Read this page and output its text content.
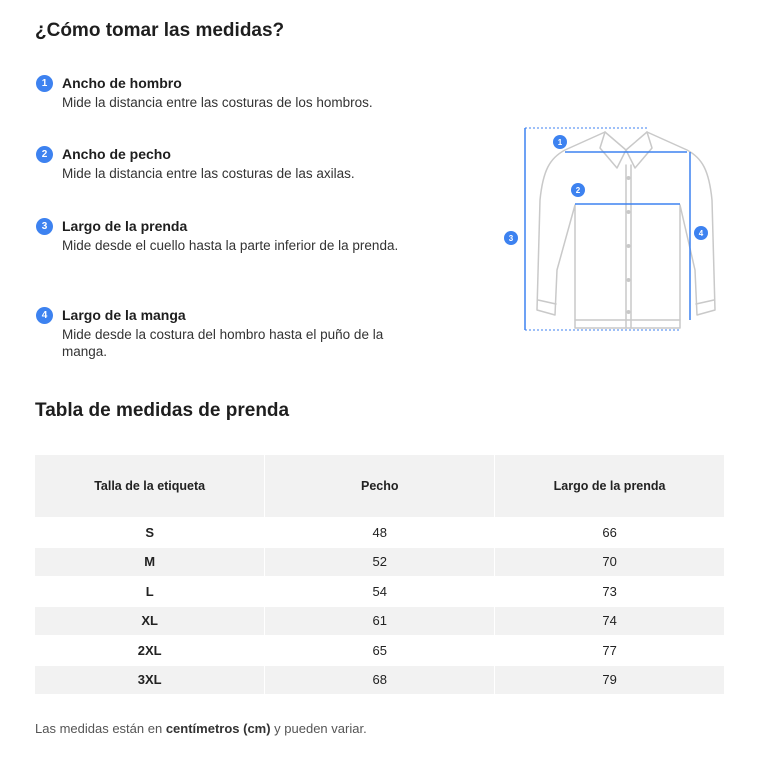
¿Cómo tomar las medidas?
1	Ancho de hombro
Mide la distancia entre las costuras de los hombros.
2	Ancho de pecho
Mide la distancia entre las costuras de las axilas.
3	Largo de la prenda
Mide desde el cuello hasta la parte inferior de la prenda.
4	Largo de la manga
Mide desde la costura del hombro hasta el puño de la manga.
1
2
3
4
Tabla de medidas de prenda
Talla de la etiqueta	Pecho	Largo de la prenda
S	48	66
M	52	70
L	54	73
XL	61	74
2XL	65	77
3XL	68	79
Las medidas están en centímetros (cm) y pueden variar.
